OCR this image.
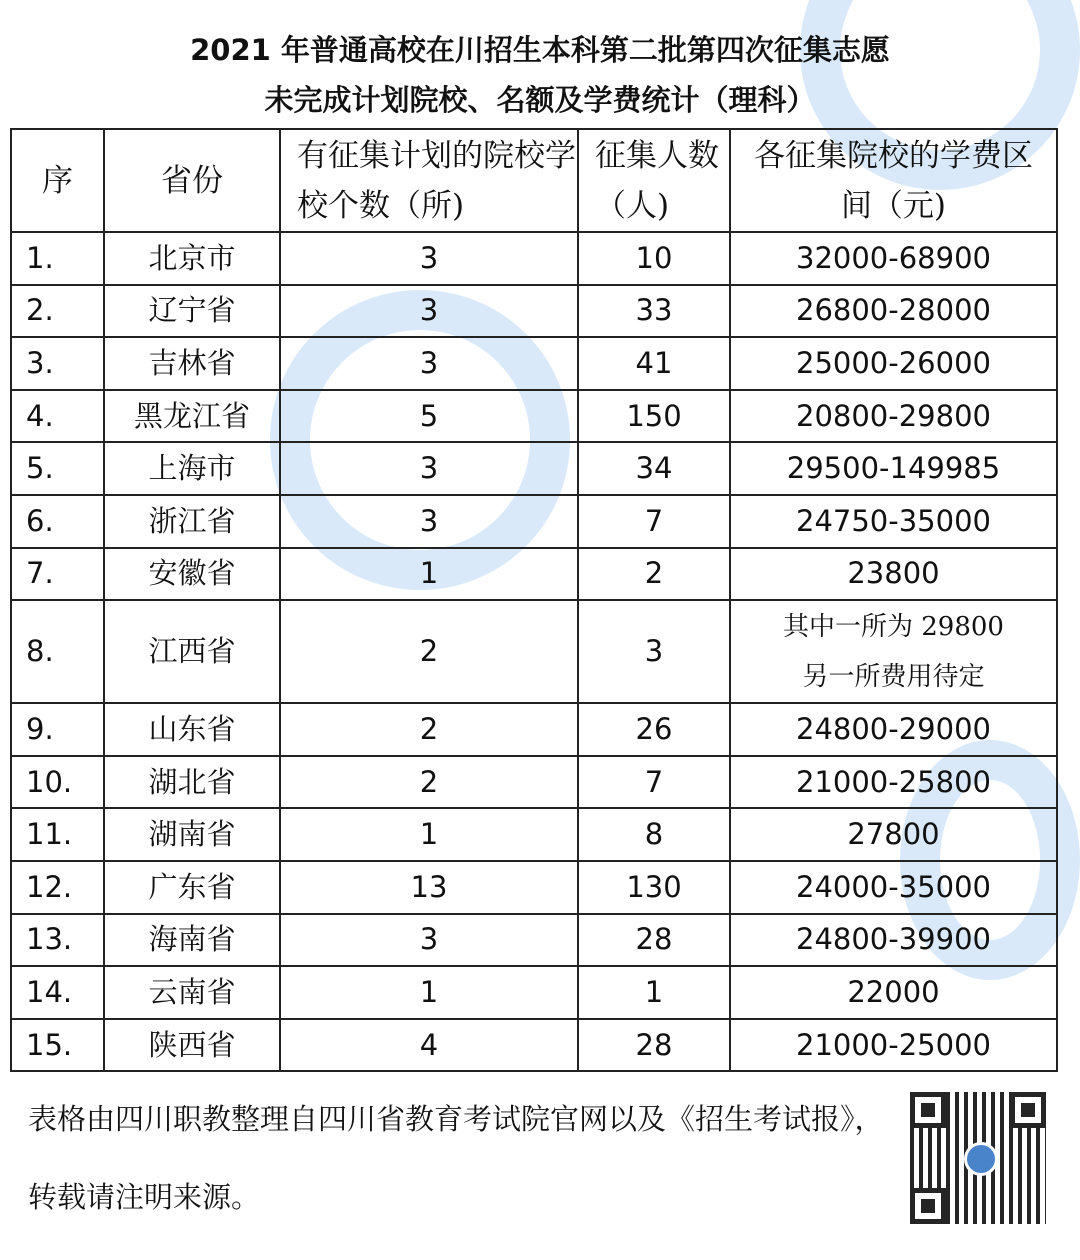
2021 年普通高校在川招生本科第二批第四次征集志愿
未完成计划院校、名额及学费统计（理科）
序	省份	有征集计划的院校学校个数（所)	征集人数（人)	各征集院校的学费区间（元)
1.	北京市	3	10	32000-68900
2.	辽宁省	3	33	26800-28000
3.	吉林省	3	41	25000-26000
4.	黑龙江省	5	150	20800-29800
5.	上海市	3	34	29500-149985
6.	浙江省	3	7	24750-35000
7.	安徽省	1	2	23800
8.	江西省	2	3	其中一所为 29800
另一所费用待定

9.	山东省	2	26	24800-29000
10.	湖北省	2	7	21000-25800
11.	湖南省	1	8	27800
12.	广东省	13	130	24000-35000
13.	海南省	3	28	24800-39900
14.	云南省	1	1	22000
15.	陕西省	4	28	21000-25000
表格由四川职教整理自四川省教育考试院官网以及《招生考试报》，转载请注明来源。
